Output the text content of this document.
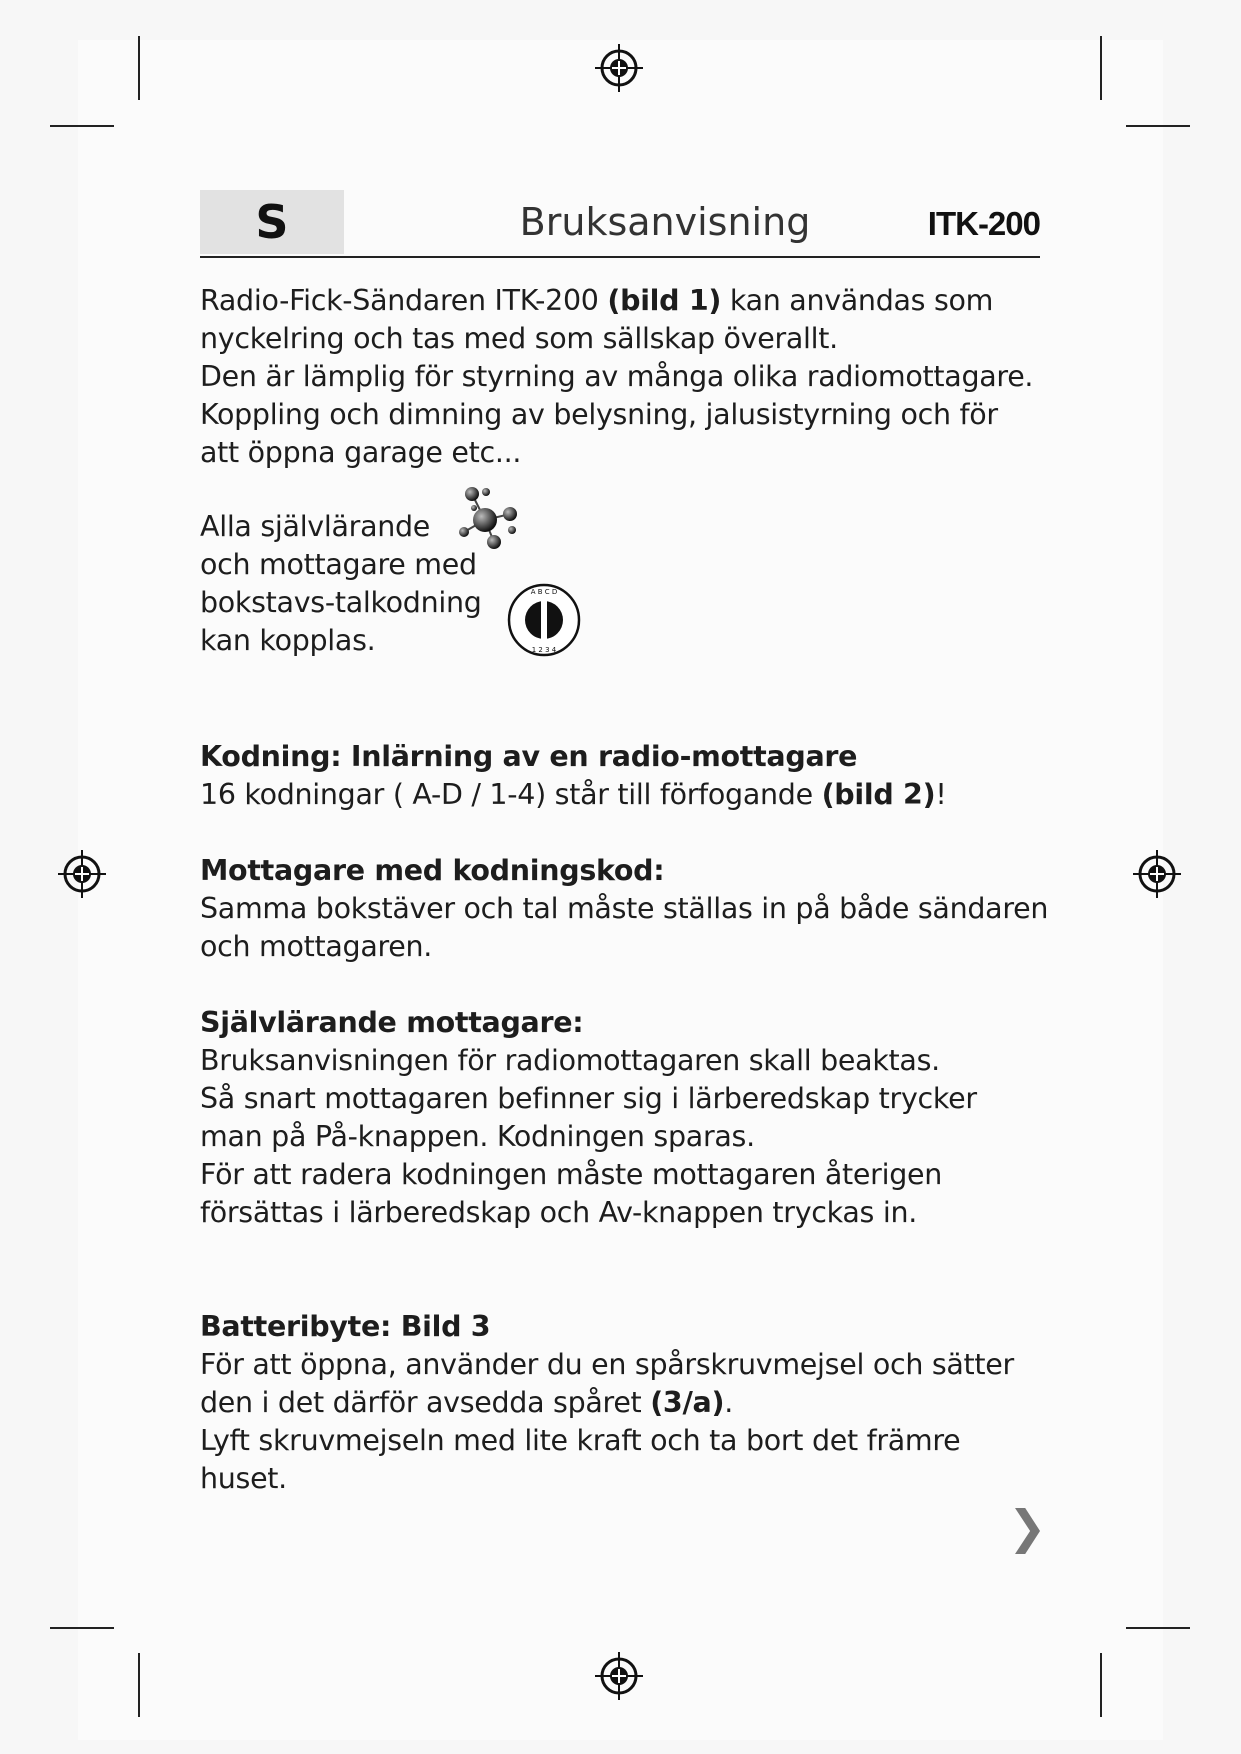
S	Bruksanvisning	ITK-200

Radio-Fick-Sändaren ITK-200 (bild 1) kan användas som

nyckelring och tas med som sällskap överallt.

Den är lämplig för styrning av många olika radiomottagare.

Koppling och dimning av belysning, jalusistyrning och för

att öppna garage etc...

Alla självlärande

och mottagare med

bokstavs-talkodning

kan kopplas.

A B C D
1 2 3 4

Kodning: Inlärning av en radio-mottagare

16 kodningar ( A-D / 1-4) står till förfogande (bild 2)!

Mottagare med kodningskod:

Samma bokstäver och tal måste ställas in på både sändaren

och mottagaren.

Självlärande mottagare:

Bruksanvisningen för radiomottagaren skall beaktas.

Så snart mottagaren befinner sig i lärberedskap trycker

man på På-knappen. Kodningen sparas.

För att radera kodningen måste mottagaren återigen

försättas i lärberedskap och Av-knappen tryckas in.

Batteribyte: Bild 3

För att öppna, använder du en spårskruvmejsel och sätter

den i det därför avsedda spåret (3/a).

Lyft skruvmejseln med lite kraft och ta bort det främre

huset.

❯
